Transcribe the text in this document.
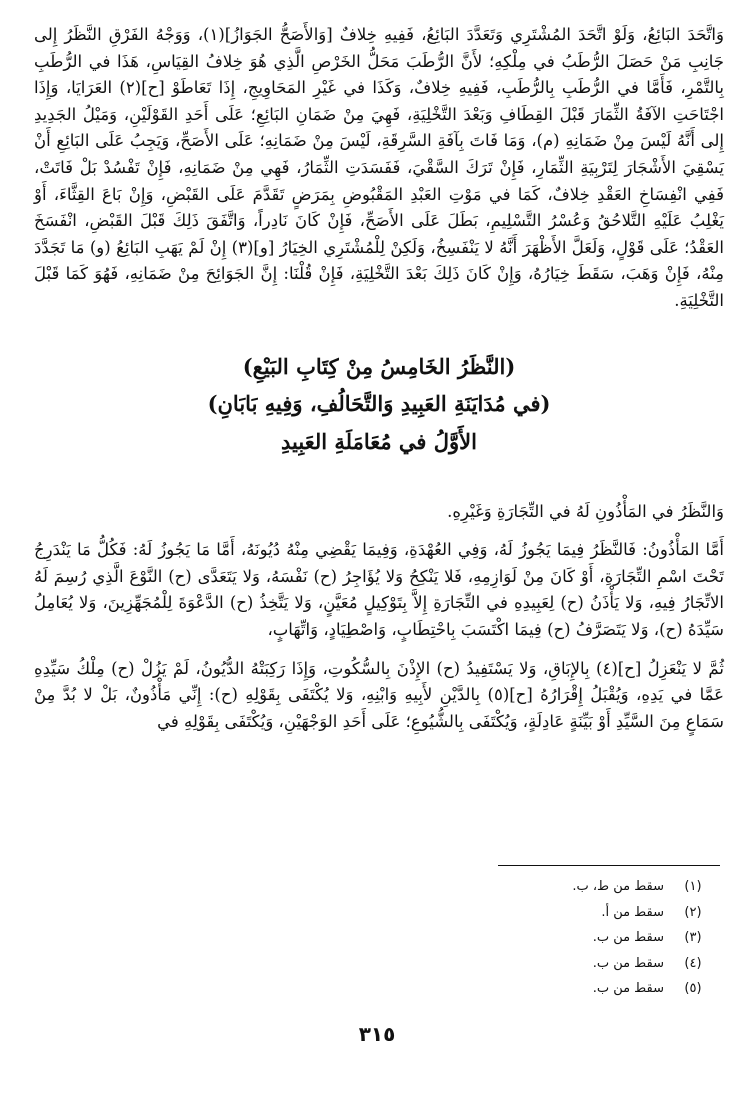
وَاتَّحَدَ البَائِعُ، وَلَوْ اتَّحَدَ المُشْتَرِي وَتَعَدَّدَ البَائِعُ، فَفِيهِ خِلافٌ [وَالأَصَحُّ الجَوَازُ](١)، وَوَجْهُ الفَرْقِ النَّظَرُ إِلى جَانِبِ مَنْ حَصَلَ الرُّطَبُ في مِلْكِهِ؛ لأَنَّ الرُّطَبَ مَحَلُّ الخَرْصِ الَّذِي هُوَ خِلافُ القِيَاسِ، هَذَا في الرُّطَبِ بِالتَّمْرِ، فَأَمَّا في الرُّطَبِ بِالرُّطَبِ، فَفِيهِ خِلافٌ، وَكَذَا في غَيْرِ المَحَاوِيجِ، إِذَا تَعَاطَوْ [ح](٢) العَرَايَا، وَإِذَا اجْتَاحَتِ الآفَةُ الثِّمَارَ قَبْلَ القِطَافِ وَبَعْدَ التَّخْلِيَةِ، فَهِيَ مِنْ ضَمَانِ البَائِعِ؛ عَلَى أَحَدِ القَوْلَيْنِ، وَمَيْلُ الجَدِيدِ إِلى أَنَّهُ لَيْسَ مِنْ ضَمَانِهِ (م)، وَمَا فَاتَ بِآفَةِ السَّرِقَةِ، لَيْسَ مِنْ ضَمَانِهِ؛ عَلَى الأَصَحِّ، وَيَجِبُ عَلَى البَائِعِ أَنْ يَسْقِيَ الأَشْجَارَ لِتَرْبِيَةِ الثِّمَارِ، فَإِنْ تَرَكَ السَّقْيَ، فَفَسَدَتِ الثِّمَارُ، فَهِي مِنْ ضَمَانِهِ، فَإِنْ تَفْسُدْ بَلْ فَاتَتْ، فَفِي انْفِسَاخِ العَقْدِ خِلافٌ، كَمَا في مَوْتِ العَبْدِ المَقْبُوضِ بِمَرَضٍ تَقَدَّمَ عَلَى القَبْضِ، وَإِنْ بَاعَ القِثَّاءَ، أَوْ يَغْلِبُ عَلَيْهِ التَّلاحُقُ وَعُسْرُ التَّسْلِيمِ، بَطَلَ عَلَى الأَصَحِّ، فَإِنْ كَانَ نَادِراً، وَاتَّفَقَ ذَلِكَ قَبْلَ القَبْضِ، انْفَسَخَ العَقْدُ؛ عَلَى قَوْلٍ، وَلَعَلَّ الأَظْهَرَ أَنَّهُ لا يَنْفَسِخُ، وَلَكِنْ لِلْمُشْتَرِي الخِيَارُ [و](٣) إِنْ لَمْ يَهَبِ البَائِعُ (و) مَا تَجَدَّدَ مِنْهُ، فَإِنْ وَهَبَ، سَقَطَ خِيَارُهُ، وَإِنْ كَانَ ذَلِكَ بَعْدَ التَّخْلِيَةِ، فَإِنْ قُلْنَا: إِنَّ الجَوَائِحَ مِنْ ضَمَانِهِ، فَهُوَ كَمَا قَبْلَ التَّخْلِيَةِ.

(النَّظَرُ الخَامِسُ مِنْ كِتَابِ البَيْعِ)

(في مُدَايَنَةِ العَبِيدِ وَالتَّحَالُفِ، وَفِيهِ بَابَانِ)

الأَوَّلُ في مُعَامَلَةِ العَبِيدِ

وَالنَّظَرُ في المَأْذُونِ لَهُ في التِّجَارَةِ وَغَيْرِهِ.

أَمَّا المَأْذُونُ: فَالنَّظَرُ فِيمَا يَجُوزُ لَهُ، وَفِي العُهْدَةِ، وَفِيمَا يَقْضِي مِنْهُ دُيُونَهُ، أَمَّا مَا يَجُوزُ لَهُ: فَكُلُّ مَا يَنْدَرِجُ تَحْتَ اسْمِ التِّجَارَةِ، أَوْ كَانَ مِنْ لَوَازِمِهِ، فَلا يَنْكِحُ وَلا يُؤَاجِرُ (ح) نَفْسَهُ، وَلا يَتَعَدَّى (ح) النَّوْعَ الَّذِي رُسِمَ لَهُ الاتِّجَارُ فِيهِ، وَلا يَأْذَنُ (ح) لِعَبِيدِهِ في التِّجَارَةِ إِلاَّ بِتَوْكِيلٍ مُعَيَّنٍ، وَلا يَتَّخِذُ (ح) الدَّعْوَةَ لِلْمُجَهِّزِينَ، وَلا يُعَامِلُ سَيِّدَهُ (ح)، وَلا يَتَصَرَّفُ (ح) فِيمَا اكْتَسَبَ بِاحْتِطَابٍ، وَاصْطِيَادٍ، وَاتِّهَابٍ،

ثُمَّ لا يَنْعَزِلُ [ح](٤) بِالإِبَاقِ، وَلا يَسْتَفِيدُ (ح) الإِذْنَ بِالسُّكُوتِ، وَإِذَا رَكِبَتْهُ الدُّيُونُ، لَمْ يَزُلْ (ح) مِلْكُ سَيِّدِهِ عَمَّا في يَدِهِ، وَيُقْبَلُ إِقْرَارُهُ [ح](٥) بِالدَّيْنِ لأَبِيهِ وَابْنِهِ، وَلا يُكْتَفَى بِقَوْلِهِ (ح): إِنِّي مَأْذُونٌ، بَلْ لا بُدَّ مِنْ سَمَاعٍ مِنَ السَّيِّدِ أَوْ بَيِّنَةٍ عَادِلَةٍ، وَيُكْتَفَى بِالشُّيُوعِ؛ عَلَى أَحَدِ الوَجْهَيْنِ، وَيُكْتَفَى بِقَوْلِهِ في

(١)
سقط من ط، ب.
(٢)
سقط من أ.
(٣)
سقط من ب.
(٤)
سقط من ب.
(٥)
سقط من ب.
٣١٥
